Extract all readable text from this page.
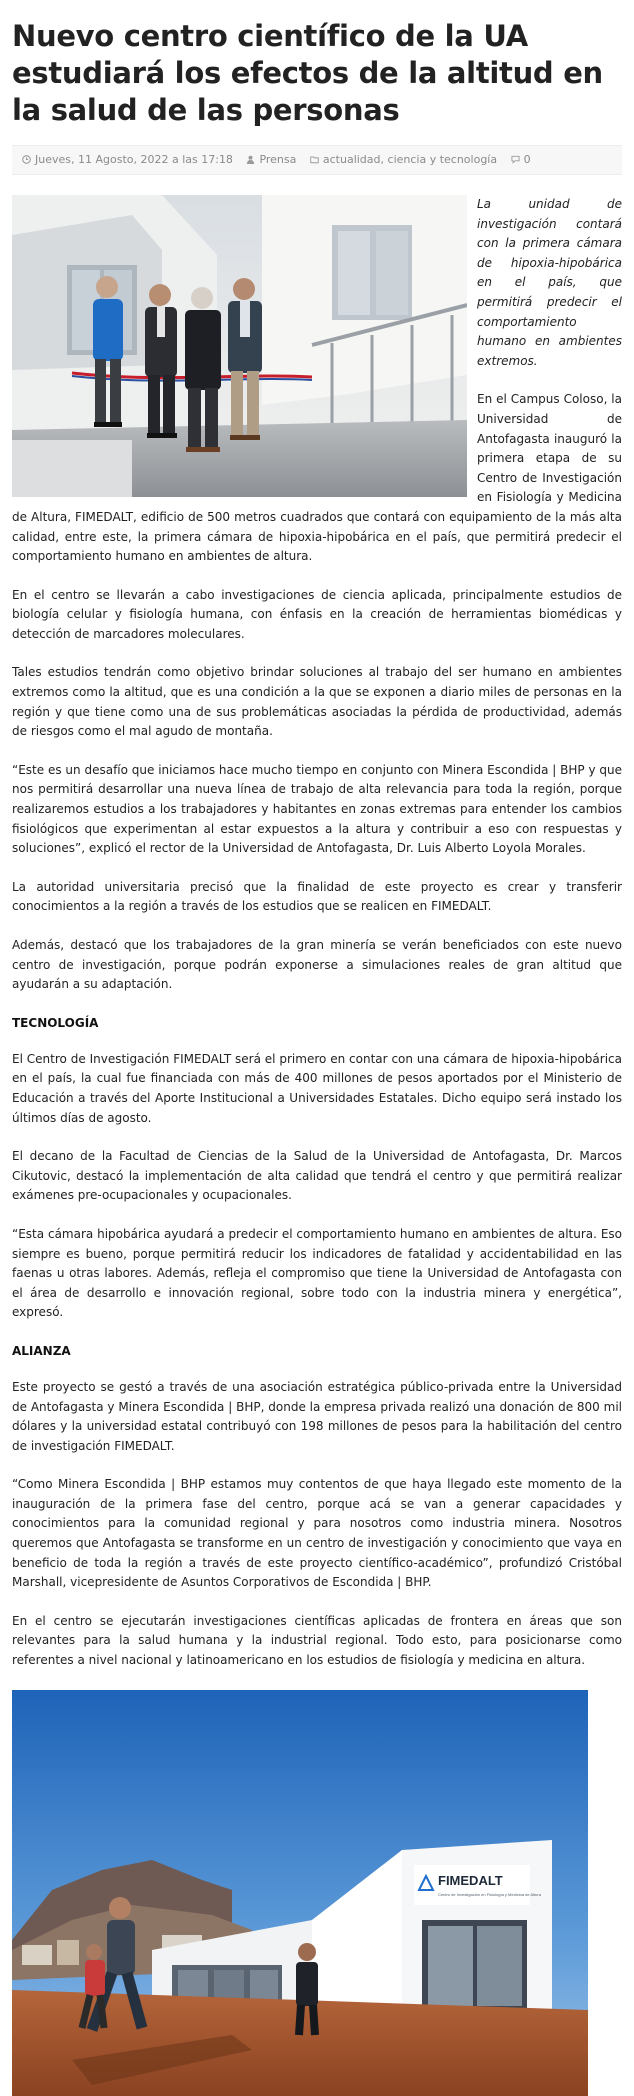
Nuevo centro científico de la UA estudiará los efectos de la altitud en la salud de las personas
Jueves, 11 Agosto, 2022 a las 17:18 Prensa actualidad, ciencia y tecnología 0

La unidad de investigación contará con la primera cámara de hipoxia-hipobárica en el país, que permitirá predecir el comportamiento humano en ambientes extremos.

En el Campus Coloso, la Universidad de Antofagasta inauguró la primera etapa de su Centro de Investigación en Fisiología y Medicina de Altura, FIMEDALT, edificio de 500 metros cuadrados que contará con equipamiento de la más alta calidad, entre este, la primera cámara de hipoxia-hipobárica en el país, que permitirá predecir el comportamiento humano en ambientes de altura.

En el centro se llevarán a cabo investigaciones de ciencia aplicada, principalmente estudios de biología celular y fisiología humana, con énfasis en la creación de herramientas biomédicas y detección de marcadores moleculares.

Tales estudios tendrán como objetivo brindar soluciones al trabajo del ser humano en ambientes extremos como la altitud, que es una condición a la que se exponen a diario miles de personas en la región y que tiene como una de sus problemáticas asociadas la pérdida de productividad, además de riesgos como el mal agudo de montaña.

“Este es un desafío que iniciamos hace mucho tiempo en conjunto con Minera Escondida | BHP y que nos permitirá desarrollar una nueva línea de trabajo de alta relevancia para toda la región, porque realizaremos estudios a los trabajadores y habitantes en zonas extremas para entender los cambios fisiológicos que experimentan al estar expuestos a la altura y contribuir a eso con respuestas y soluciones”, explicó el rector de la Universidad de Antofagasta, Dr. Luis Alberto Loyola Morales.

La autoridad universitaria precisó que la finalidad de este proyecto es crear y transferir conocimientos a la región a través de los estudios que se realicen en FIMEDALT.

Además, destacó que los trabajadores de la gran minería se verán beneficiados con este nuevo centro de investigación, porque podrán exponerse a simulaciones reales de gran altitud que ayudarán a su adaptación.

TECNOLOGÍA

El Centro de Investigación FIMEDALT será el primero en contar con una cámara de hipoxia-hipobárica en el país, la cual fue financiada con más de 400 millones de pesos aportados por el Ministerio de Educación a través del Aporte Institucional a Universidades Estatales. Dicho equipo será instado los últimos días de agosto.

El decano de la Facultad de Ciencias de la Salud de la Universidad de Antofagasta, Dr. Marcos Cikutovic, destacó la implementación de alta calidad que tendrá el centro y que permitirá realizar exámenes pre-ocupacionales y ocupacionales.

“Esta cámara hipobárica ayudará a predecir el comportamiento humano en ambientes de altura. Eso siempre es bueno, porque permitirá reducir los indicadores de fatalidad y accidentabilidad en las faenas u otras labores. Además, refleja el compromiso que tiene la Universidad de Antofagasta con el área de desarrollo e innovación regional, sobre todo con la industria minera y energética”, expresó.

ALIANZA

Este proyecto se gestó a través de una asociación estratégica público-privada entre la Universidad de Antofagasta y Minera Escondida | BHP, donde la empresa privada realizó una donación de 800 mil dólares y la universidad estatal contribuyó con 198 millones de pesos para la habilitación del centro de investigación FIMEDALT.

“Como Minera Escondida | BHP estamos muy contentos de que haya llegado este momento de la inauguración de la primera fase del centro, porque acá se van a generar capacidades y conocimientos para la comunidad regional y para nosotros como industria minera. Nosotros queremos que Antofagasta se transforme en un centro de investigación y conocimiento que vaya en beneficio de toda la región a través de este proyecto científico-académico”, profundizó Cristóbal Marshall, vicepresidente de Asuntos Corporativos de Escondida | BHP.

En el centro se ejecutarán investigaciones científicas aplicadas de frontera en áreas que son relevantes para la salud humana y la industrial regional. Todo esto, para posicionarse como referentes a nivel nacional y latinoamericano en los estudios de fisiología y medicina en altura.

FIMEDALT
Centro de Investigación en Fisiología y Medicina de Altura
